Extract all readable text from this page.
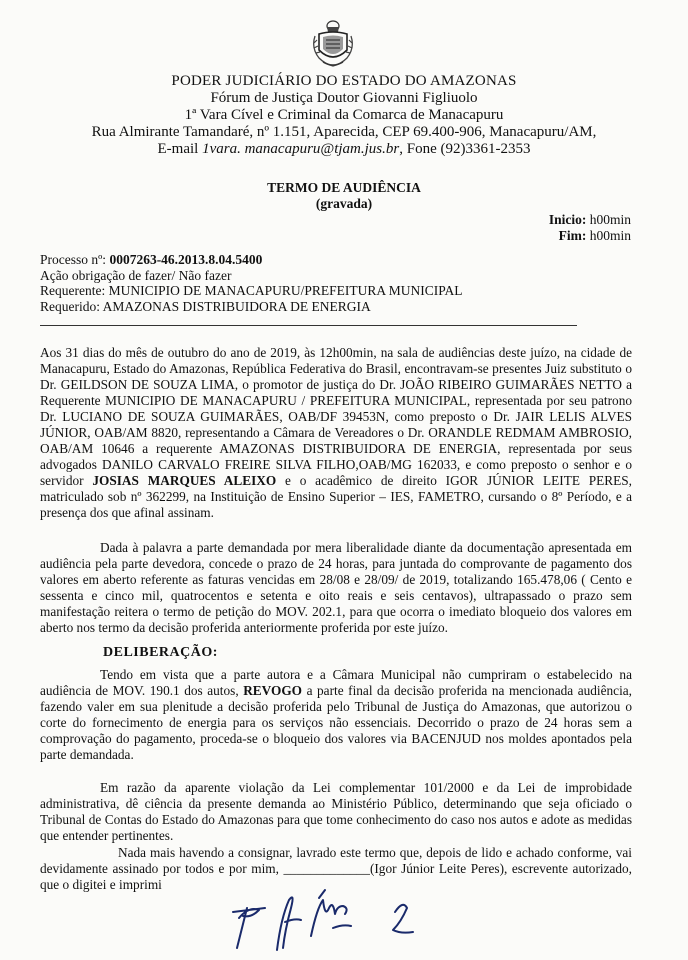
PODER JUDICIÁRIO DO ESTADO DO AMAZONAS
Fórum de Justiça Doutor Giovanni Figliuolo
1ª Vara Cível e Criminal da Comarca de Manacapuru
Rua Almirante Tamandaré, nº 1.151, Aparecida, CEP 69.400-906, Manacapuru/AM,
E-mail 1vara. manacapuru@tjam.jus.br, Fone (92)3361-2353
TERMO DE AUDIÊNCIA
(gravada)
Inicio: h00min
Fim: h00min
Processo nº: 0007263-46.2013.8.04.5400
Ação obrigação de fazer/ Não fazer
Requerente: MUNICIPIO DE MANACAPURU/PREFEITURA MUNICIPAL
Requerido: AMAZONAS DISTRIBUIDORA DE ENERGIA

Aos 31 dias do mês de outubro do ano de 2019, às 12h00min, na sala de audiências deste juízo, na cidade de Manacapuru, Estado do Amazonas, República Federativa do Brasil, encontravam-se presentes Juiz substituto o Dr. GEILDSON DE SOUZA LIMA, o promotor de justiça do Dr. JOÃO RIBEIRO GUIMARÃES NETTO a Requerente MUNICIPIO DE MANACAPURU / PREFEITURA MUNICIPAL, representada por seu patrono Dr. LUCIANO DE SOUZA GUIMARÃES, OAB/DF 39453N, como preposto o Dr. JAIR LELIS ALVES JÚNIOR, OAB/AM 8820, representando a Câmara de Vereadores o Dr. ORANDLE REDMAM AMBROSIO, OAB/AM 10646 a requerente AMAZONAS DISTRIBUIDORA DE ENERGIA, representada por seus advogados DANILO CARVALO FREIRE SILVA FILHO,OAB/MG 162033, e como preposto o senhor e o servidor JOSIAS MARQUES ALEIXO e o acadêmico de direito IGOR JÚNIOR LEITE PERES, matriculado sob nº 362299, na Instituição de Ensino Superior – IES, FAMETRO, cursando o 8º Período, e a presença dos que afinal assinam.

Dada à palavra a parte demandada por mera liberalidade diante da documentação apresentada em audiência pela parte devedora, concede o prazo de 24 horas, para juntada do comprovante de pagamento dos valores em aberto referente as faturas vencidas em 28/08 e 28/09/ de 2019, totalizando 165.478,06 ( Cento e sessenta e cinco mil, quatrocentos e setenta e oito reais e seis centavos), ultrapassado o prazo sem manifestação reitera o termo de petição do MOV. 202.1, para que ocorra o imediato bloqueio dos valores em aberto nos termo da decisão proferida anteriormente proferida por este juízo.

DELIBERAÇÃO:

Tendo em vista que a parte autora e a Câmara Municipal não cumpriram o estabelecido na audiência de MOV. 190.1 dos autos, REVOGO a parte final da decisão proferida na mencionada audiência, fazendo valer em sua plenitude a decisão proferida pelo Tribunal de Justiça do Amazonas, que autorizou o corte do fornecimento de energia para os serviços não essenciais. Decorrido o prazo de 24 horas sem a comprovação do pagamento, proceda-se o bloqueio dos valores via BACENJUD nos moldes apontados pela parte demandada.

Em razão da aparente violação da Lei complementar 101/2000 e da Lei de improbidade administrativa, dê ciência da presente demanda ao Ministério Público, determinando que seja oficiado o Tribunal de Contas do Estado do Amazonas para que tome conhecimento do caso nos autos e adote as medidas que entender pertinentes.

Nada mais havendo a consignar, lavrado este termo que, depois de lido e achado conforme, vai devidamente assinado por todos e por mim, _____________(Igor Júnior Leite Peres), escrevente autorizado, que o digitei e imprimi
